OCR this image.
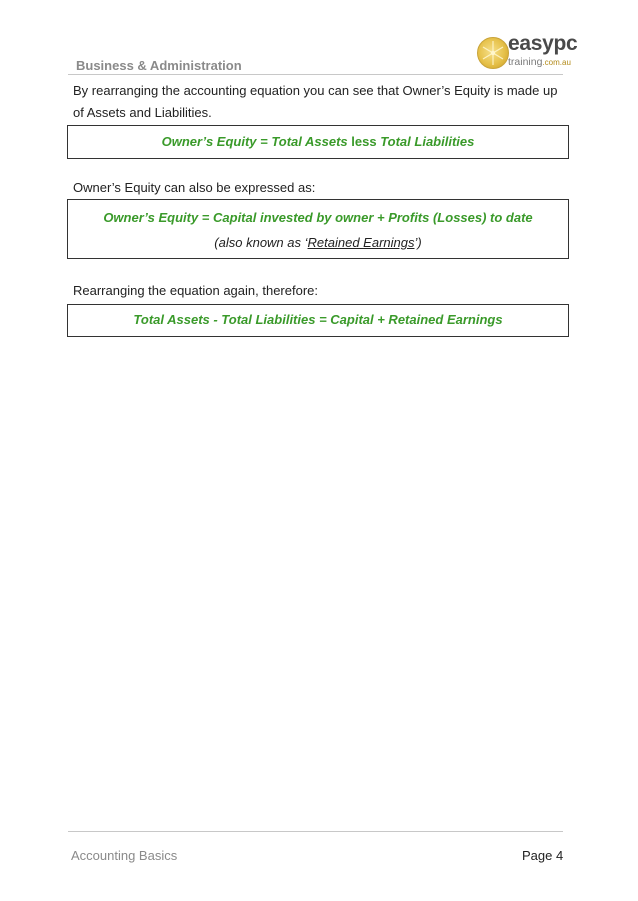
Business & Administration
easypc
training.com.au
By rearranging the accounting equation you can see that Owner’s Equity is made up
of Assets and Liabilities.
Owner’s Equity = Total Assets less Total Liabilities
Owner’s Equity can also be expressed as:
Owner’s Equity = Capital invested by owner + Profits (Losses) to date
(also known as ‘Retained Earnings’)
Rearranging the equation again, therefore:
Total Assets - Total Liabilities = Capital + Retained Earnings
Accounting Basics	Page 4
